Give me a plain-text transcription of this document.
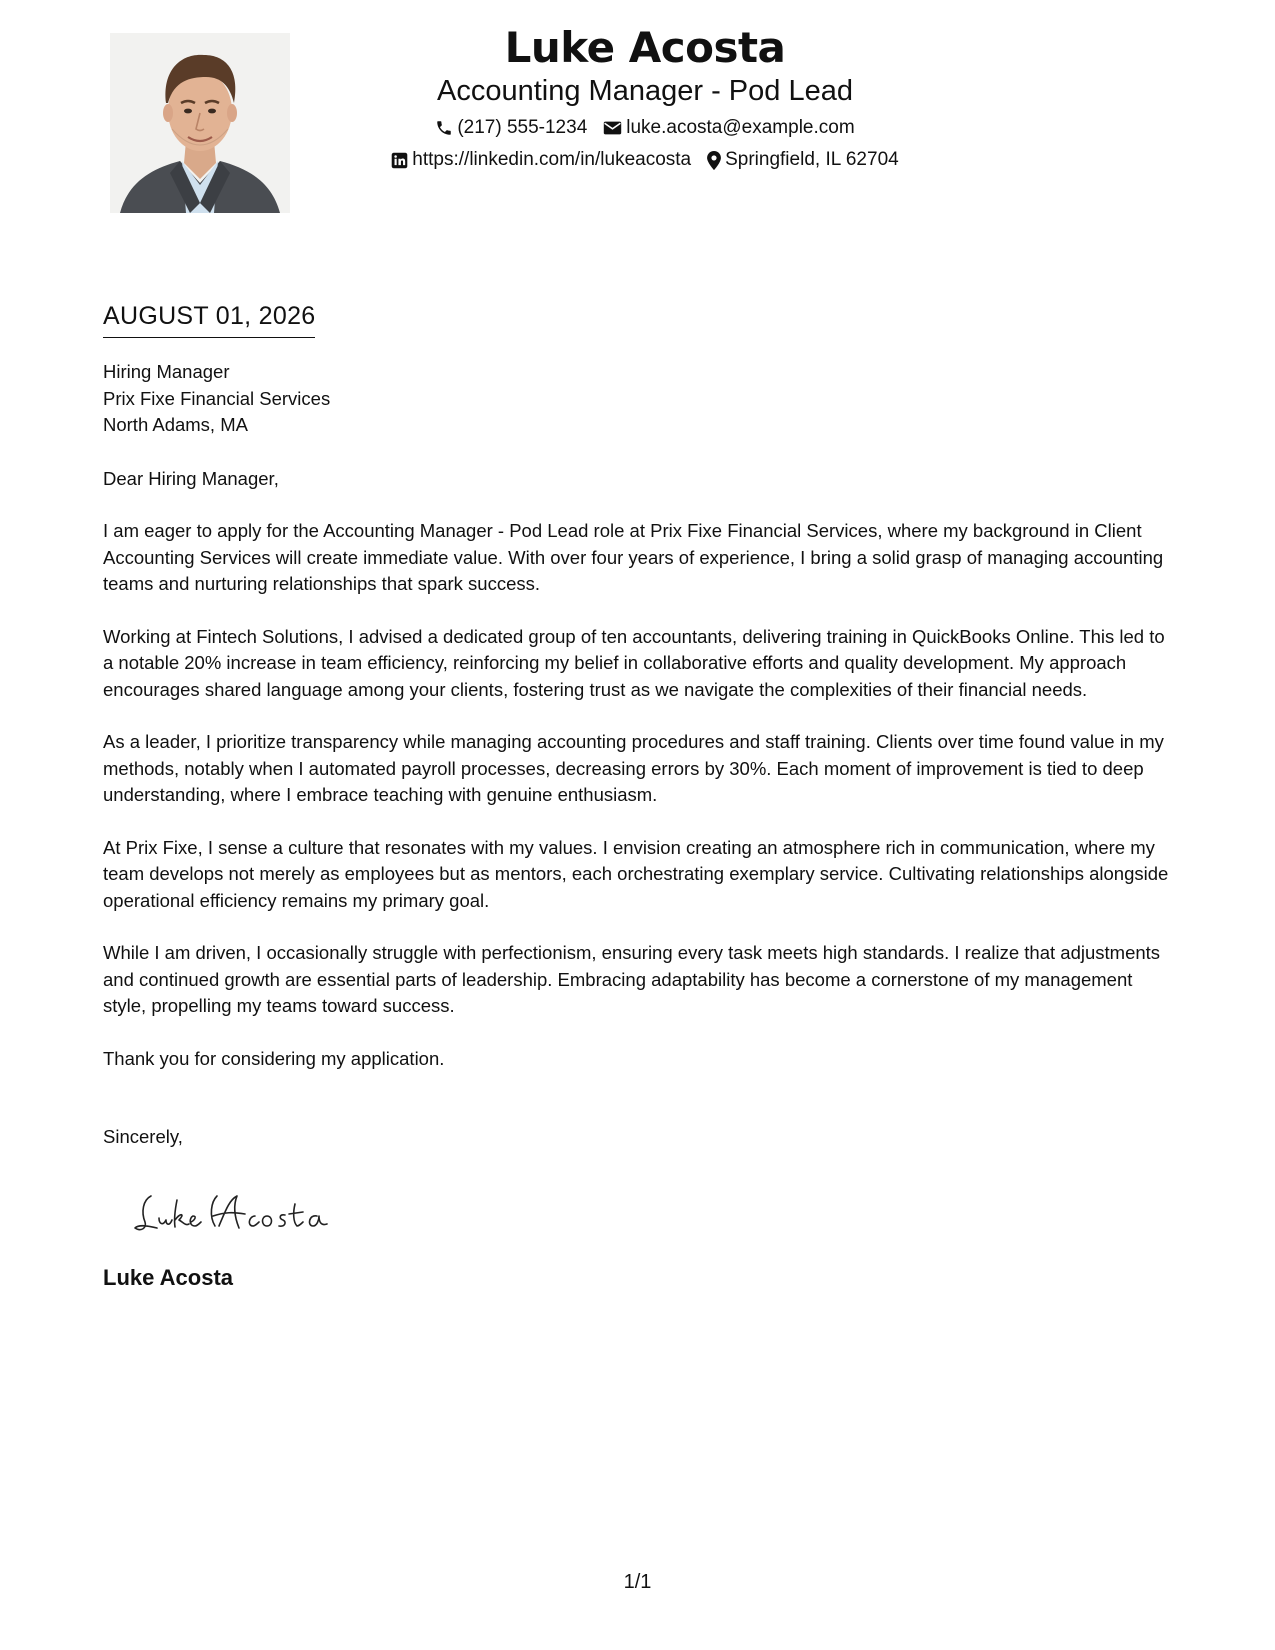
Luke Acosta
Accounting Manager - Pod Lead
(217) 555-1234 luke.acosta@example.com
https://linkedin.com/in/lukeacosta Springfield, IL 62704
AUGUST 01, 2026
Hiring Manager
Prix Fixe Financial Services
North Adams, MA
Dear Hiring Manager,

I am eager to apply for the Accounting Manager - Pod Lead role at Prix Fixe Financial Services, where my background in Client Accounting Services will create immediate value. With over four years of experience, I bring a solid grasp of managing accounting teams and nurturing relationships that spark success.

Working at Fintech Solutions, I advised a dedicated group of ten accountants, delivering training in QuickBooks Online. This led to a notable 20% increase in team efficiency, reinforcing my belief in collaborative efforts and quality development. My approach encourages shared language among your clients, fostering trust as we navigate the complexities of their financial needs.

As a leader, I prioritize transparency while managing accounting procedures and staff training. Clients over time found value in my methods, notably when I automated payroll processes, decreasing errors by 30%. Each moment of improvement is tied to deep understanding, where I embrace teaching with genuine enthusiasm.

At Prix Fixe, I sense a culture that resonates with my values. I envision creating an atmosphere rich in communication, where my team develops not merely as employees but as mentors, each orchestrating exemplary service. Cultivating relationships alongside operational efficiency remains my primary goal.

While I am driven, I occasionally struggle with perfectionism, ensuring every task meets high standards. I realize that adjustments and continued growth are essential parts of leadership. Embracing adaptability has become a cornerstone of my management style, propelling my teams toward success.

Thank you for considering my application.

Sincerely,
Luke Acosta
1/1
